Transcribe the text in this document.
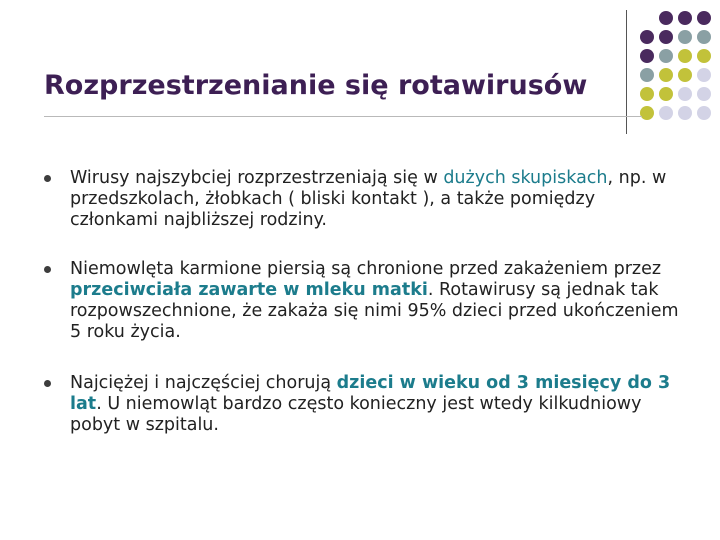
Rozprzestrzenianie się rotawirusów
Wirusy najszybciej rozprzestrzeniają się w dużych skupiskach, np. w przedszkolach, żłobkach ( bliski kontakt ), a także pomiędzy członkami najbliższej rodziny.
Niemowlęta karmione piersią są chronione przed zakażeniem przez przeciwciała zawarte w mleku matki. Rotawirusy są jednak tak rozpowszechnione, że zakaża się nimi 95% dzieci przed ukończeniem 5 roku życia.
Najciężej i najczęściej chorują dzieci w wieku od 3 miesięcy do 3 lat. U niemowląt bardzo często konieczny jest wtedy kilkudniowy pobyt w szpitalu.
